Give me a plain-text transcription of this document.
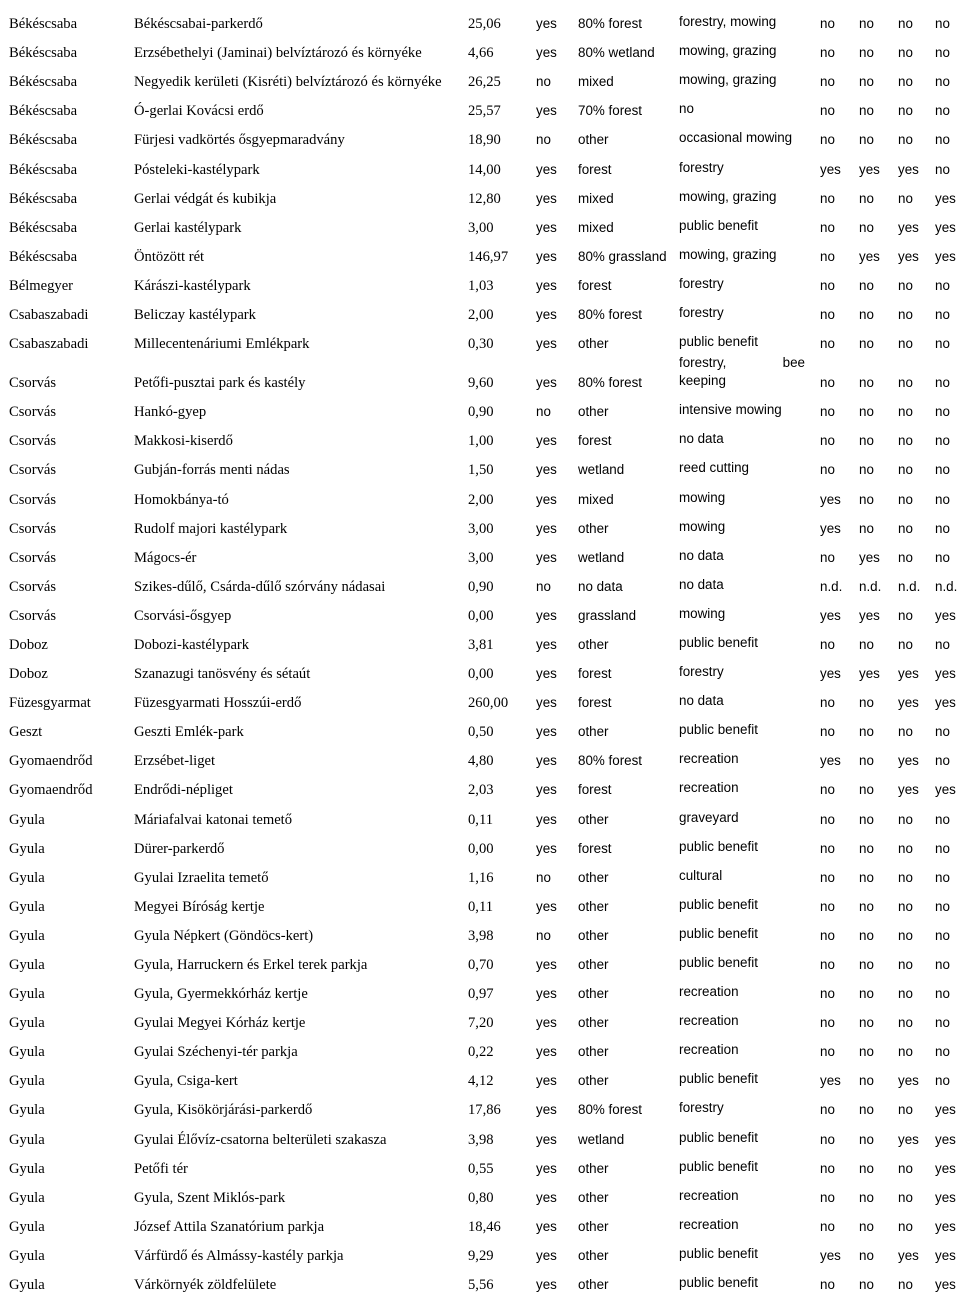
Békéscsaba	Békéscsabai-parkerdő	25,06	yes	80% forest	forestry, mowing	no	no	no	no
Békéscsaba	Erzsébethelyi (Jaminai) belvíztározó és környéke	4,66	yes	80% wetland	mowing, grazing	no	no	no	no
Békéscsaba	Negyedik kerületi (Kisréti) belvíztározó és környéke	26,25	no	mixed	mowing, grazing	no	no	no	no
Békéscsaba	Ó-gerlai Kovácsi erdő	25,57	yes	70% forest	no	no	no	no	no
Békéscsaba	Fürjesi vadkörtés ősgyepmaradvány	18,90	no	other	occasional mowing	no	no	no	no
Békéscsaba	Pósteleki-kastélypark	14,00	yes	forest	forestry	yes	yes	yes	no
Békéscsaba	Gerlai védgát és kubikja	12,80	yes	mixed	mowing, grazing	no	no	no	yes
Békéscsaba	Gerlai kastélypark	3,00	yes	mixed	public benefit	no	no	yes	yes
Békéscsaba	Öntözött rét	146,97	yes	80% grassland	mowing, grazing	no	yes	yes	yes
Bélmegyer	Kárászi-kastélypark	1,03	yes	forest	forestry	no	no	no	no
Csabaszabadi	Beliczay kastélypark	2,00	yes	80% forest	forestry	no	no	no	no
Csabaszabadi	Millecentenáriumi Emlékpark	0,30	yes	other	public benefit	no	no	no	no
Csorvás	Petőfi-pusztai park és kastély	9,60	yes	80% forest	forestry, bee
keeping	no	no	no	no
Csorvás	Hankó-gyep	0,90	no	other	intensive mowing	no	no	no	no
Csorvás	Makkosi-kiserdő	1,00	yes	forest	no data	no	no	no	no
Csorvás	Gubján-forrás menti nádas	1,50	yes	wetland	reed cutting	no	no	no	no
Csorvás	Homokbánya-tó	2,00	yes	mixed	mowing	yes	no	no	no
Csorvás	Rudolf majori kastélypark	3,00	yes	other	mowing	yes	no	no	no
Csorvás	Mágocs-ér	3,00	yes	wetland	no data	no	yes	no	no
Csorvás	Szikes-dűlő, Csárda-dűlő szórvány nádasai	0,90	no	no data	no data	n.d.	n.d.	n.d.	n.d.
Csorvás	Csorvási-ősgyep	0,00	yes	grassland	mowing	yes	yes	no	yes
Doboz	Dobozi-kastélypark	3,81	yes	other	public benefit	no	no	no	no
Doboz	Szanazugi tanösvény és sétaút	0,00	yes	forest	forestry	yes	yes	yes	yes
Füzesgyarmat	Füzesgyarmati Hosszúi-erdő	260,00	yes	forest	no data	no	no	yes	yes
Geszt	Geszti Emlék-park	0,50	yes	other	public benefit	no	no	no	no
Gyomaendrőd	Erzsébet-liget	4,80	yes	80% forest	recreation	yes	no	yes	no
Gyomaendrőd	Endrődi-népliget	2,03	yes	forest	recreation	no	no	yes	yes
Gyula	Máriafalvai katonai temető	0,11	yes	other	graveyard	no	no	no	no
Gyula	Dürer-parkerdő	0,00	yes	forest	public benefit	no	no	no	no
Gyula	Gyulai Izraelita temető	1,16	no	other	cultural	no	no	no	no
Gyula	Megyei Bíróság kertje	0,11	yes	other	public benefit	no	no	no	no
Gyula	Gyula Népkert (Göndöcs-kert)	3,98	no	other	public benefit	no	no	no	no
Gyula	Gyula, Harruckern és Erkel terek parkja	0,70	yes	other	public benefit	no	no	no	no
Gyula	Gyula, Gyermekkórház kertje	0,97	yes	other	recreation	no	no	no	no
Gyula	Gyulai Megyei Kórház kertje	7,20	yes	other	recreation	no	no	no	no
Gyula	Gyulai Széchenyi-tér parkja	0,22	yes	other	recreation	no	no	no	no
Gyula	Gyula, Csiga-kert	4,12	yes	other	public benefit	yes	no	yes	no
Gyula	Gyula, Kisökörjárási-parkerdő	17,86	yes	80% forest	forestry	no	no	no	yes
Gyula	Gyulai Élővíz-csatorna belterületi szakasza	3,98	yes	wetland	public benefit	no	no	yes	yes
Gyula	Petőfi tér	0,55	yes	other	public benefit	no	no	no	yes
Gyula	Gyula, Szent Miklós-park	0,80	yes	other	recreation	no	no	no	yes
Gyula	József Attila Szanatórium parkja	18,46	yes	other	recreation	no	no	no	yes
Gyula	Várfürdő és Almássy-kastély parkja	9,29	yes	other	public benefit	yes	no	yes	yes
Gyula	Várkörnyék zöldfelülete	5,56	yes	other	public benefit	no	no	no	yes
